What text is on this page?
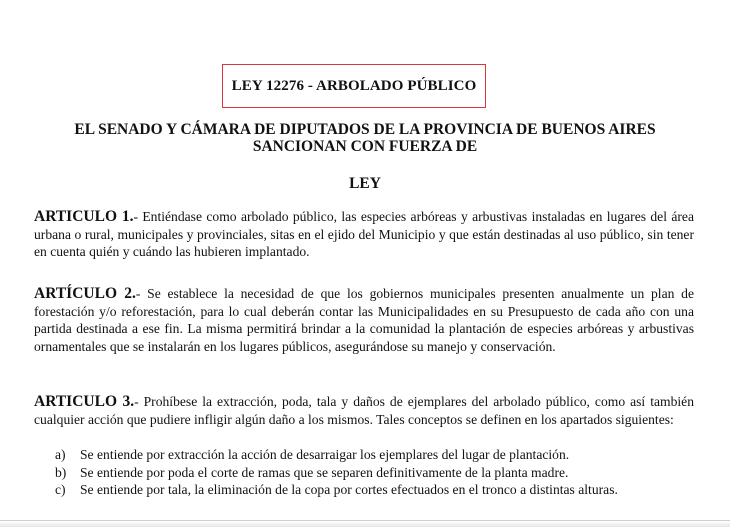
LEY 12276 - ARBOLADO PÚBLICO
EL SENADO Y CÁMARA DE DIPUTADOS DE LA PROVINCIA DE BUENOS AIRES
SANCIONAN CON FUERZA DE
LEY
ARTICULO 1.- Entiéndase como arbolado público, las especies arbóreas y arbustivas instaladas en lugares del área urbana o rural, municipales y provinciales, sitas en el ejido del Municipio y que están destinadas al uso público, sin tener en cuenta quién y cuándo las hubieren implantado.
ARTÍCULO 2.- Se establece la necesidad de que los gobiernos municipales presenten anualmente un plan de forestación y/o reforestación, para lo cual deberán contar las Municipalidades en su Presupuesto de cada año con una partida destinada a ese fin. La misma permitirá brindar a la comunidad la plantación de especies arbóreas y arbustivas ornamentales que se instalarán en los lugares públicos, asegurándose su manejo y conservación.
ARTICULO 3.- Prohíbese la extracción, poda, tala y daños de ejemplares del arbolado público, como así también cualquier acción que pudiere infligir algún daño a los mismos. Tales conceptos se definen en los apartados siguientes:
a)	Se entiende por extracción la acción de desarraigar los ejemplares del lugar de plantación.
b)	Se entiende por poda el corte de ramas que se separen definitivamente de la planta madre.
c)	Se entiende por tala, la eliminación de la copa por cortes efectuados en el tronco a distintas alturas.
